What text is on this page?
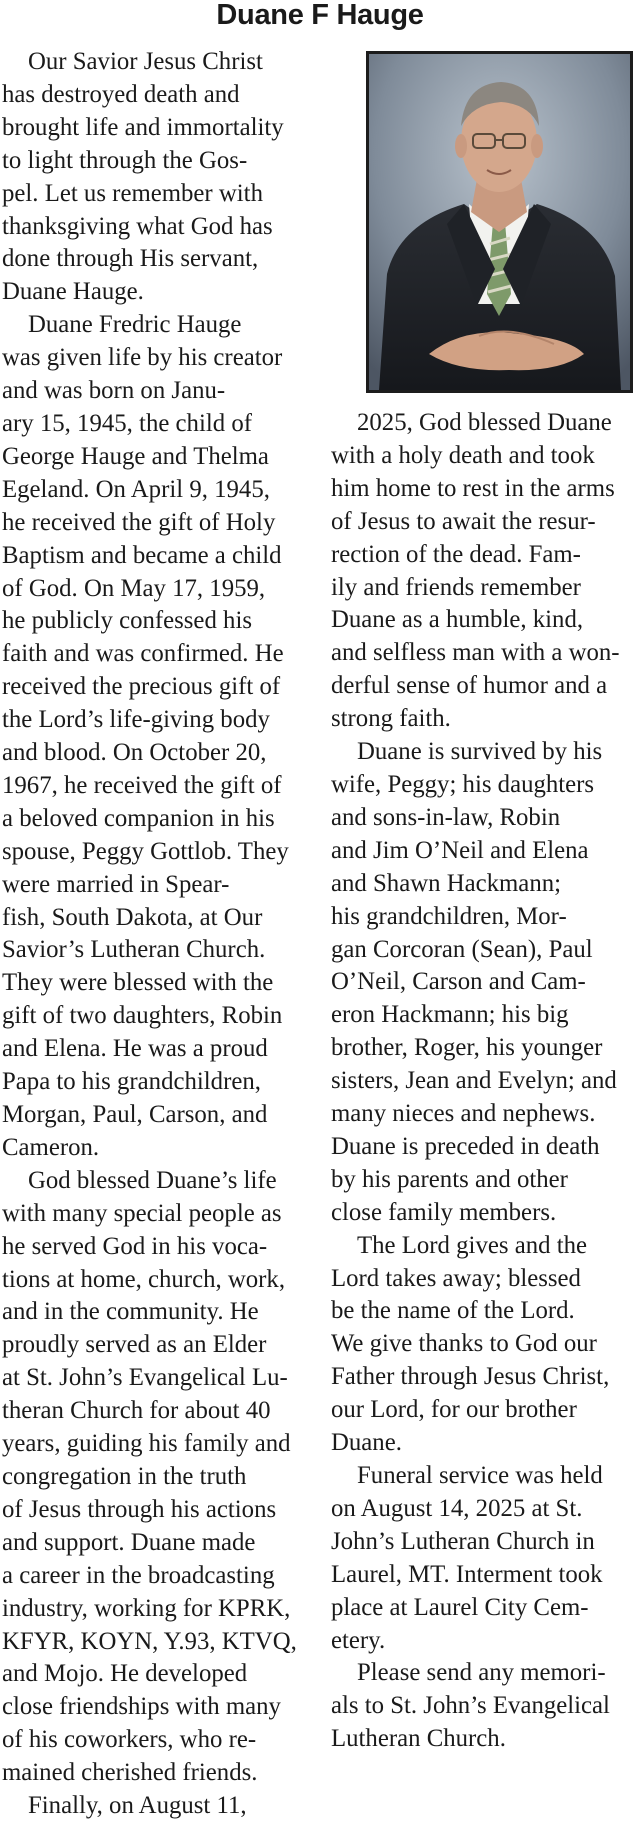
Duane F Hauge

Our Savior Jesus Christ
has destroyed death and
brought life and immortality
to light through the Gos-
pel. Let us remember with
thanksgiving what God has
done through His servant,
Duane Hauge.

Duane Fredric Hauge
was given life by his creator
and was born on Janu-
ary 15, 1945, the child of
George Hauge and Thelma
Egeland. On April 9, 1945,
he received the gift of Holy
Baptism and became a child
of God. On May 17, 1959,
he publicly confessed his
faith and was confirmed. He
received the precious gift of
the Lord’s life-giving body
and blood. On October 20,
1967, he received the gift of
a beloved companion in his
spouse, Peggy Gottlob. They
were married in Spear-
fish, South Dakota, at Our
Savior’s Lutheran Church.
They were blessed with the
gift of two daughters, Robin
and Elena. He was a proud
Papa to his grandchildren,
Morgan, Paul, Carson, and
Cameron.

God blessed Duane’s life
with many special people as
he served God in his voca-
tions at home, church, work,
and in the community. He
proudly served as an Elder
at St. John’s Evangelical Lu-
theran Church for about 40
years, guiding his family and
congregation in the truth
of Jesus through his actions
and support. Duane made
a career in the broadcasting
industry, working for KPRK,
KFYR, KOYN, Y.93, KTVQ,
and Mojo. He developed
close friendships with many
of his coworkers, who re-
mained cherished friends.

Finally, on August 11,

2025, God blessed Duane
with a holy death and took
him home to rest in the arms
of Jesus to await the resur-
rection of the dead. Fam-
ily and friends remember
Duane as a humble, kind,
and selfless man with a won-
derful sense of humor and a
strong faith.

Duane is survived by his
wife, Peggy; his daughters
and sons-in-law, Robin
and Jim O’Neil and Elena
and Shawn Hackmann;
his grandchildren, Mor-
gan Corcoran (Sean), Paul
O’Neil, Carson and Cam-
eron Hackmann; his big
brother, Roger, his younger
sisters, Jean and Evelyn; and
many nieces and nephews.
Duane is preceded in death
by his parents and other
close family members.

The Lord gives and the
Lord takes away; blessed
be the name of the Lord.
We give thanks to God our
Father through Jesus Christ,
our Lord, for our brother
Duane.

Funeral service was held
on August 14, 2025 at St.
John’s Lutheran Church in
Laurel, MT. Interment took
place at Laurel City Cem-
etery.

Please send any memori-
als to St. John’s Evangelical
Lutheran Church.
